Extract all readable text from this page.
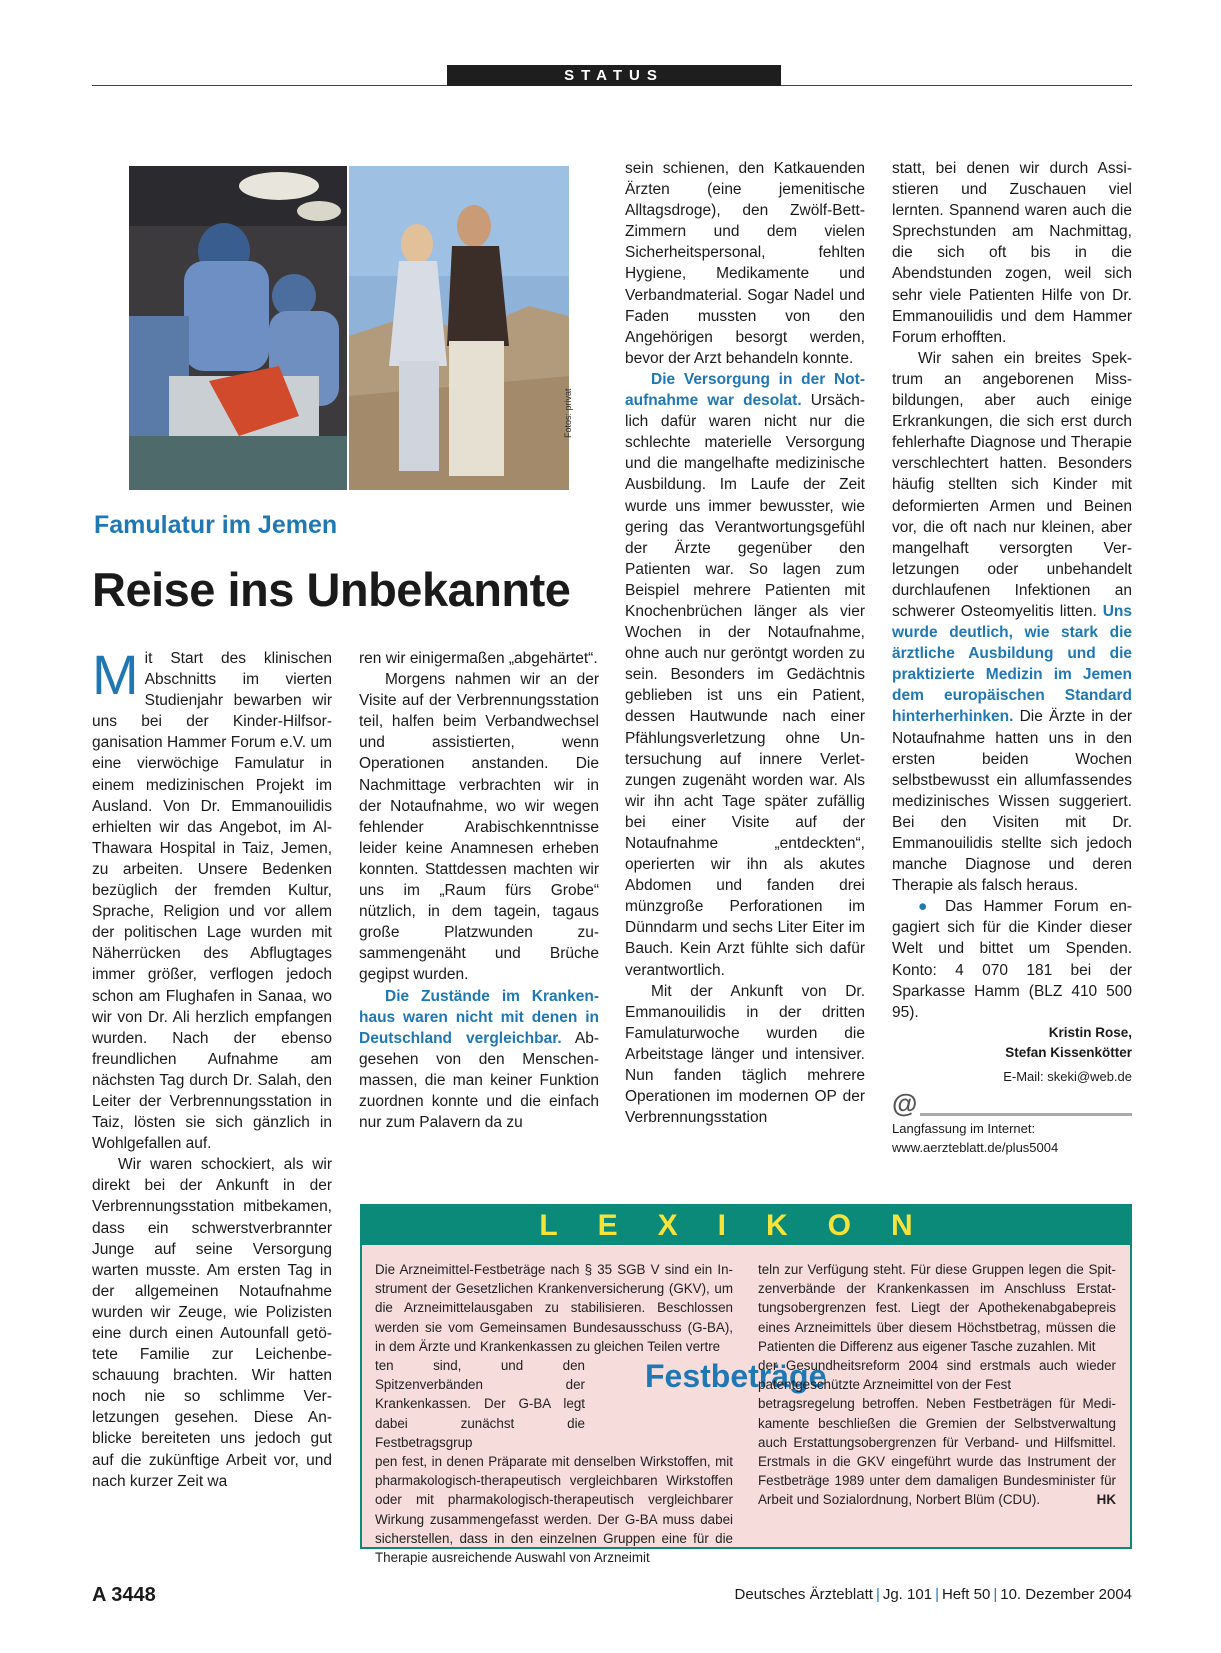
STATUS
Fotos: privat
Famulatur im Jemen
Reise ins Unbekannte

Mit Start des klinischen Abschnitts im vierten Studienjahr bewarben wir uns bei der Kinder-Hilfsorganisation Hammer Forum e.V. um eine vierwöchige Famulatur in einem medizinischen Projekt im Ausland. Von Dr. Emmanouilidis erhielten wir das Angebot, im Al-Thawara Hospital in Taiz, Jemen, zu arbeiten. Unsere Bedenken bezüglich der fremden Kultur, Sprache, Religion und vor allem der politischen Lage wurden mit Näherrücken des Abflugtages immer größer, verflogen jedoch schon am Flughafen in Sanaa, wo wir von Dr. Ali herzlich empfangen wurden. Nach der ebenso freundlichen Aufnahme am nächsten Tag durch Dr. Salah, den Leiter der Verbrennungsstation in Taiz, lösten sie sich gänzlich in Wohlgefallen auf.

Wir waren schockiert, als wir direkt bei der Ankunft in der Verbrennungsstation mitbekamen, dass ein schwerstverbrannter Junge auf seine Versorgung warten musste. Am ersten Tag in der allgemeinen Notaufnahme wurden wir Zeuge, wie Polizisten eine durch einen Autounfall getötete Familie zur Leichenbeschauung brachten. Wir hatten noch nie so schlimme Verletzungen gesehen. Diese Anblicke bereiteten uns jedoch gut auf die zukünftige Arbeit vor, und nach kurzer Zeit wa

ren wir einigermaßen „abgehärtet“.

Morgens nahmen wir an der Visite auf der Verbrennungsstation teil, halfen beim Verbandwechsel und assistierten, wenn Operationen anstanden. Die Nachmittage verbrachten wir in der Notaufnahme, wo wir wegen fehlender Arabischkenntnisse leider keine Anamnesen erheben konnten. Stattdessen machten wir uns im „Raum fürs Grobe“ nützlich, in dem tagein, tagaus große Platzwunden zusammengenäht und Brüche gegipst wurden.

Die Zustände im Krankenhaus waren nicht mit denen in Deutschland vergleichbar. Abgesehen von den Menschenmassen, die man keiner Funktion zuordnen konnte und die einfach nur zum Palavern da zu

sein schienen, den Katkauenden Ärzten (eine jemenitische Alltagsdroge), den Zwölf-Bett-Zimmern und dem vielen Sicherheitspersonal, fehlten Hygiene, Medikamente und Verbandmaterial. Sogar Nadel und Faden mussten von den Angehörigen besorgt werden, bevor der Arzt behandeln konnte.

Die Versorgung in der Notaufnahme war desolat. Ursächlich dafür waren nicht nur die schlechte materielle Versorgung und die mangelhafte medizinische Ausbildung. Im Laufe der Zeit wurde uns immer bewusster, wie gering das Verantwortungsgefühl der Ärzte gegenüber den Patienten war. So lagen zum Beispiel mehrere Patienten mit Knochenbrüchen länger als vier Wochen in der Notaufnahme, ohne auch nur geröntgt worden zu sein. Besonders im Gedächtnis geblieben ist uns ein Patient, dessen Hautwunde nach einer Pfählungsverletzung ohne Untersuchung auf innere Verletzungen zugenäht worden war. Als wir ihn acht Tage später zufällig bei einer Visite auf der Notaufnahme „entdeckten“, operierten wir ihn als akutes Abdomen und fanden drei münzgroße Perforationen im Dünndarm und sechs Liter Eiter im Bauch. Kein Arzt fühlte sich dafür verantwortlich.

Mit der Ankunft von Dr. Emmanouilidis in der dritten Famulaturwoche wurden die Arbeitstage länger und intensiver. Nun fanden täglich mehrere Operationen im modernen OP der Verbrennungsstation

statt, bei denen wir durch Assistieren und Zuschauen viel lernten. Spannend waren auch die Sprechstunden am Nachmittag, die sich oft bis in die Abendstunden zogen, weil sich sehr viele Patienten Hilfe von Dr. Emmanouilidis und dem Hammer Forum erhofften.

Wir sahen ein breites Spektrum an angeborenen Missbildungen, aber auch einige Erkrankungen, die sich erst durch fehlerhafte Diagnose und Therapie verschlechtert hatten. Besonders häufig stellten sich Kinder mit deformierten Armen und Beinen vor, die oft nach nur kleinen, aber mangelhaft versorgten Verletzungen oder unbehandelt durchlaufenen Infektionen an schwerer Osteomyelitis litten. Uns wurde deutlich, wie stark die ärztliche Ausbildung und die praktizierte Medizin im Jemen dem europäischen Standard hinterherhinken. Die Ärzte in der Notaufnahme hatten uns in den ersten beiden Wochen selbstbewusst ein allumfassendes medizinisches Wissen suggeriert. Bei den Visiten mit Dr. Emmanouilidis stellte sich jedoch manche Diagnose und deren Therapie als falsch heraus.

● Das Hammer Forum engagiert sich für die Kinder dieser Welt und bittet um Spenden. Konto: 4 070 181 bei der Sparkasse Hamm (BLZ 410 500 95).

Kristin Rose,
Stefan Kissenkötter
E-Mail: skeki@web.de
@
Langfassung im Internet:
www.aerzteblatt.de/plus5004
LEXIKON
Festbeträge

Die Arzneimittel-Festbeträge nach § 35 SGB V sind ein Instrument der Gesetzlichen Krankenversicherung (GKV), um die Arzneimittelausgaben zu stabilisieren. Beschlossen werden sie vom Gemeinsamen Bundesausschuss (G-BA), in dem Ärzte und Krankenkassen zu gleichen Teilen vertre

ten sind, und den Spitzenverbänden der Krankenkassen. Der G-BA legt dabei zunächst die Festbetragsgrup

pen fest, in denen Präparate mit denselben Wirkstoffen, mit pharmakologisch-therapeutisch vergleichbaren Wirkstoffen oder mit pharmakologisch-therapeutisch vergleichbarer Wirkung zusammengefasst werden. Der G-BA muss dabei sicherstellen, dass in den einzelnen Gruppen eine für die Therapie ausreichende Auswahl von Arzneimit

teln zur Verfügung steht. Für diese Gruppen legen die Spitzenverbände der Krankenkassen im Anschluss Erstattungsobergrenzen fest. Liegt der Apothekenabgabepreis eines Arzneimittels über diesem Höchstbetrag, müssen die Patienten die Differenz aus eigener Tasche zuzahlen. Mit

der Gesundheitsreform 2004 sind erstmals auch wieder patentgeschützte Arzneimittel von der Fest

betragsregelung betroffen. Neben Festbeträgen für Medikamente beschließen die Gremien der Selbstverwaltung auch Erstattungsobergrenzen für Verband- und Hilfsmittel. Erstmals in die GKV eingeführt wurde das Instrument der Festbeträge 1989 unter dem damaligen Bundesminister für Arbeit und Sozialordnung, Norbert Blüm (CDU).	HK

A 3448	Deutsches Ärzteblatt | Jg. 101 | Heft 50 | 10. Dezember 2004
